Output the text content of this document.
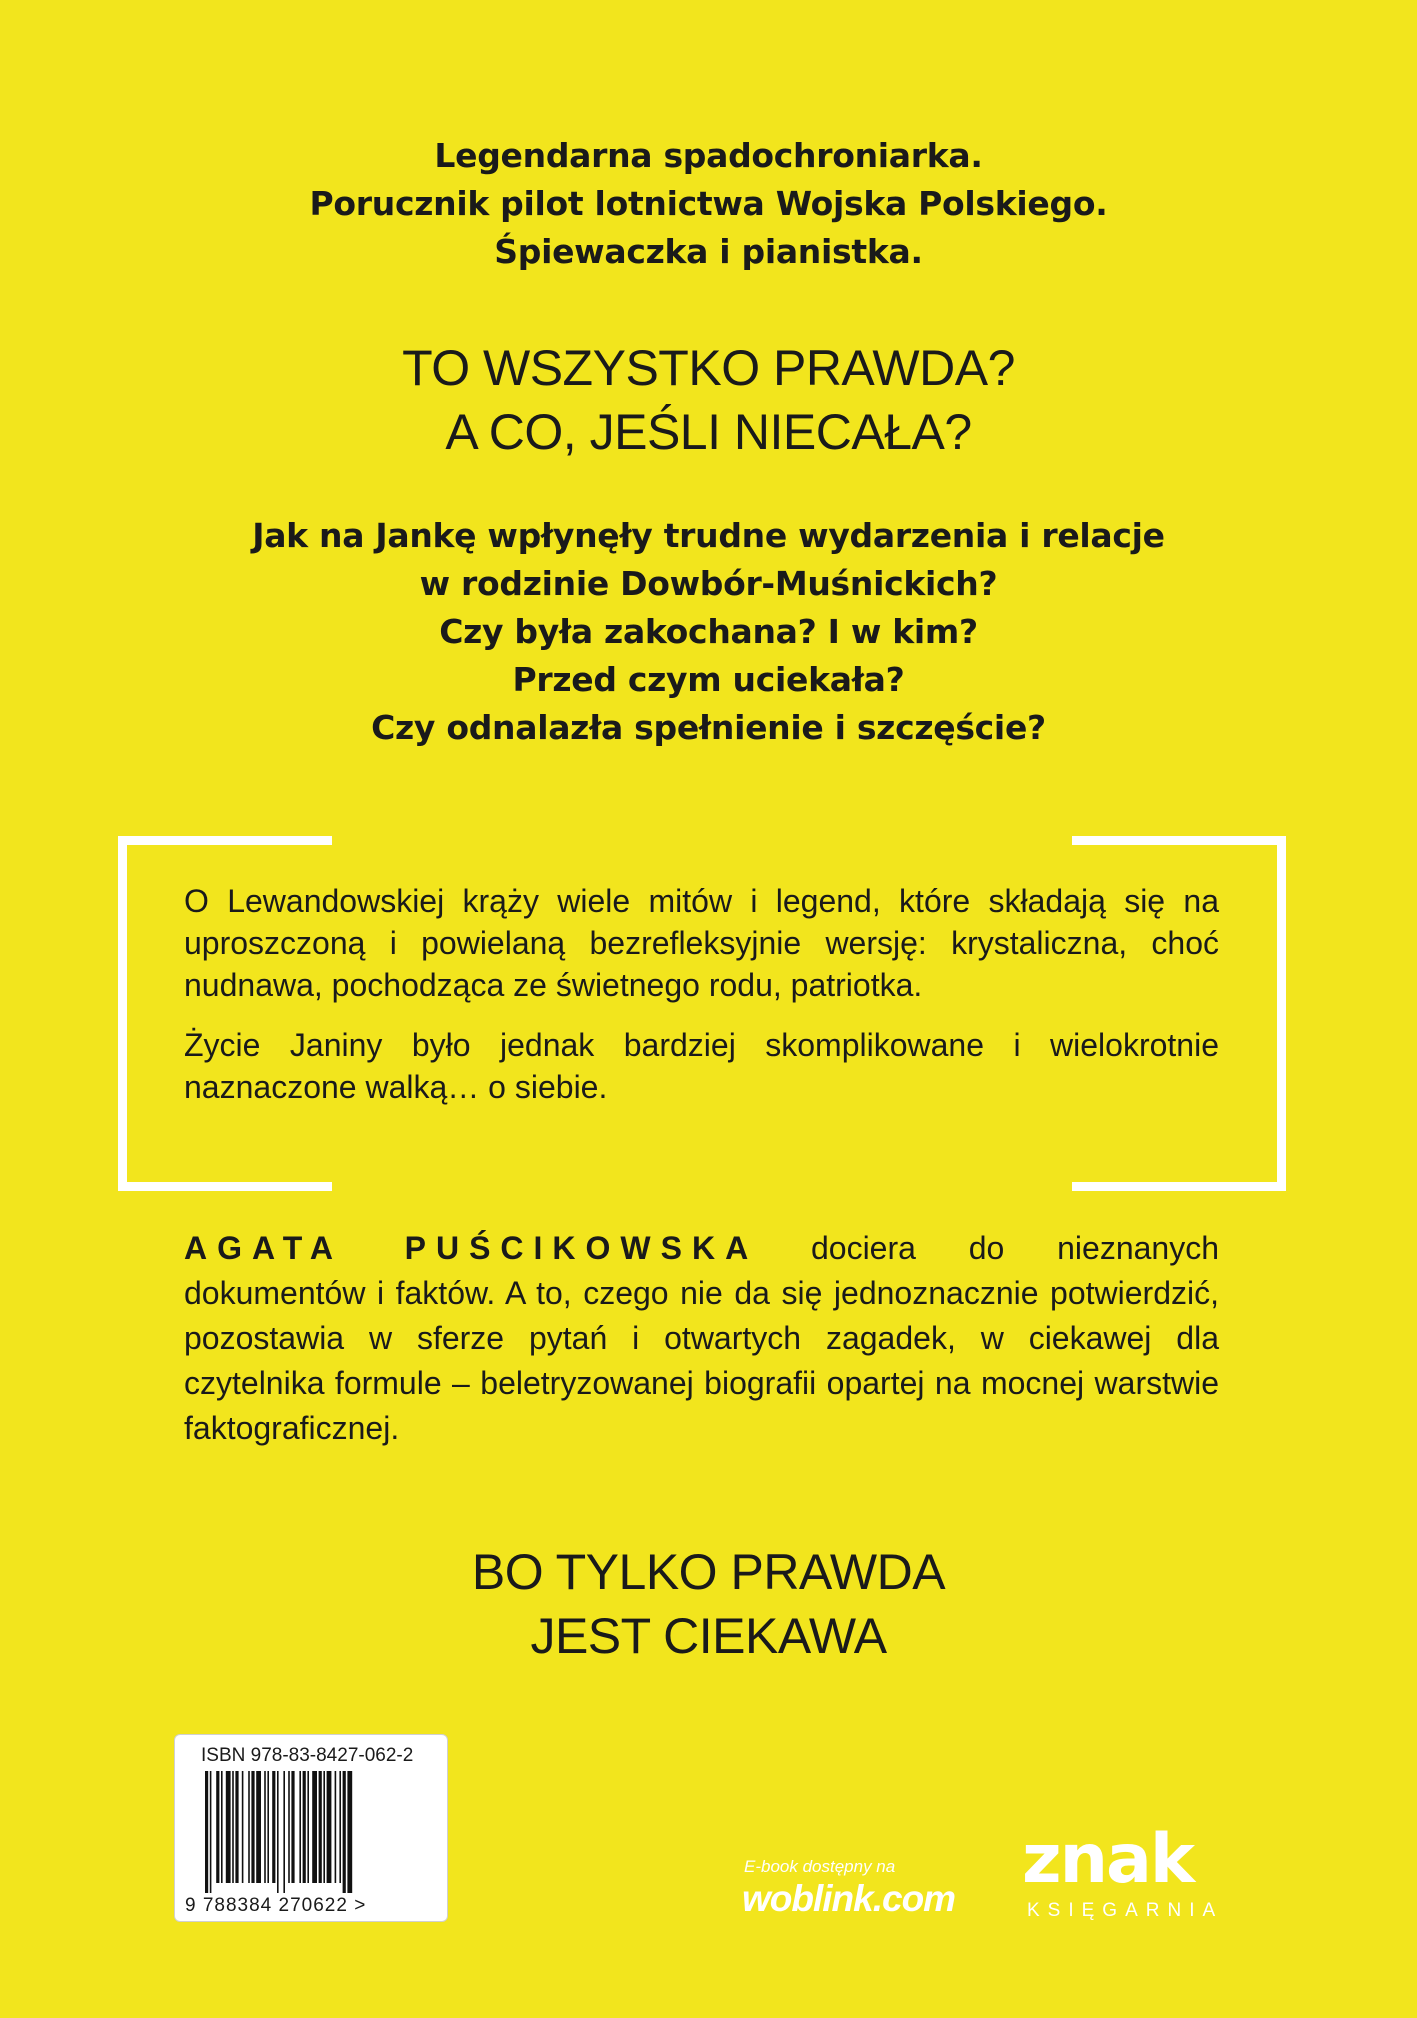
Legendarna spadochroniarka.
Porucznik pilot lotnictwa Wojska Polskiego.
Śpiewaczka i pianistka.
TO WSZYSTKO PRAWDA?
A CO, JEŚLI NIECAŁA?
Jak na Jankę wpłynęły trudne wydarzenia i relacje
w rodzinie Dowbór-Muśnickich?
Czy była zakochana? I w kim?
Przed czym uciekała?
Czy odnalazła spełnienie i szczęście?

O Lewandowskiej krąży wiele mitów i legend, które składają się na uproszczoną i powielaną bezrefleksyjnie wersję: krystaliczna, choć nudnawa, pochodząca ze świetnego rodu, patriotka.

Życie Janiny było jednak bardziej skomplikowane i wielokrotnie naznaczone walką… o siebie.

AGATA PUŚCIKOWSKA dociera do nieznanych dokumentów i faktów. A to, czego nie da się jednoznacznie potwierdzić, pozostawia w sferze pytań i otwartych zagadek, w ciekawej dla czytelnika formule – beletryzowanej biografii opartej na mocnej warstwie faktograficznej.
BO TYLKO PRAWDA
JEST CIEKAWA
ISBN 978-83-8427-062-2
9 788384 270622 >
E-book dostępny na
woblink.com znak
KSIĘGARNIA
